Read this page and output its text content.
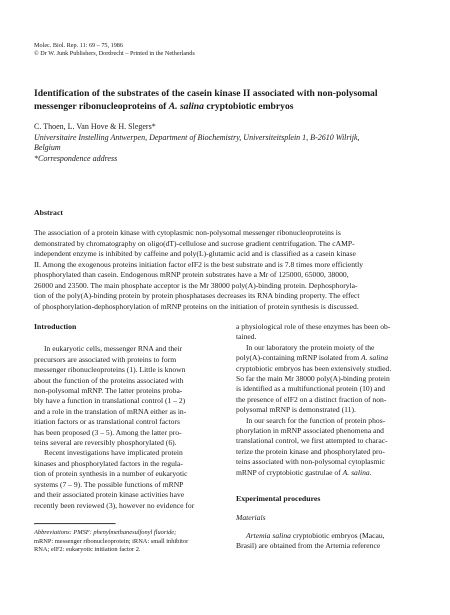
Molec. Biol. Rep. 11: 69 – 75, 1986
© Dr W. Junk Publishers, Dordrecht – Printed in the Netherlands
Identification of the substrates of the casein kinase II associated with non-polysomal
messenger ribonucleoproteins of A. salina cryptobiotic embryos
C. Thoen, L. Van Hove & H. Slegers*
Universitaire Instelling Antwerpen, Department of Biochemistry, Universiteitsplein 1, B-2610 Wilrijk,
Belgium
*Correspondence address
Abstract
The association of a protein kinase with cytoplasmic non-polysomal messenger ribonucleoproteins is
demonstrated by chromatography on oligo(dT)-cellulose and sucrose gradient centrifugation. The cAMP-
independent enzyme is inhibited by caffeine and poly(L)-glutamic acid and is classified as a casein kinase
II. Among the exogenous proteins initiation factor eIF2 is the best substrate and is 7.8 times more efficiently
phosphorylated than casein. Endogenous mRNP protein substrates have a Mr of 125000, 65000, 38000,
26000 and 23500. The main phosphate acceptor is the Mr 38000 poly(A)-binding protein. Dephosphoryla-
tion of the poly(A)-binding protein by protein phosphatases decreases its RNA binding property. The effect
of phosphorylation-dephosphorylation of mRNP proteins on the initiation of protein synthesis is discussed.
Introduction
In eukaryotic cells, messenger RNA and their
precursors are associated with proteins to form
messenger ribonucleoproteins (1). Little is known
about the function of the proteins associated with
non-polysomal mRNP. The latter proteins proba-
bly have a function in translational control (1 – 2)
and a role in the translation of mRNA either as in-
itiation factors or as translational control factors
has been proposed (3 – 5). Among the latter pro-
teins several are reversibly phosphorylated (6).
Recent investigations have implicated protein
kinases and phosphorylated factors in the regula-
tion of protein synthesis in a number of eukaryotic
systems (7 – 9). The possible functions of mRNP
and their associated protein kinase activities have
recently been reviewed (3), however no evidence for
Abbreviations: PMSF: phenylmethanesulfonyl fluoride;
mRNP: messenger ribonucleoprotein; iRNA: small inhibitor
RNA; eIF2: eukaryotic initiation factor 2.
a physiological role of these enzymes has been ob-
tained.
In our laboratory the protein moiety of the
poly(A)-containing mRNP isolated from A. salina
cryptobiotic embryos has been extensively studied.
So far the main Mr 38000 poly(A)-binding protein
is identified as a multifunctional protein (10) and
the presence of eIF2 on a distinct fraction of non-
polysomal mRNP is demonstrated (11).
In our search for the function of protein phos-
phorylation in mRNP associated phenomena and
translational control, we first attempted to charac-
terize the protein kinase and phosphorylated pro-
teins associated with non-polysomal cytoplasmic
mRNP of cryptobiotic gastrulae of A. salina.
Experimental procedures
Materials
Artemia salina cryptobiotic embryos (Macau,
Brasil) are obtained from the Artemia reference
